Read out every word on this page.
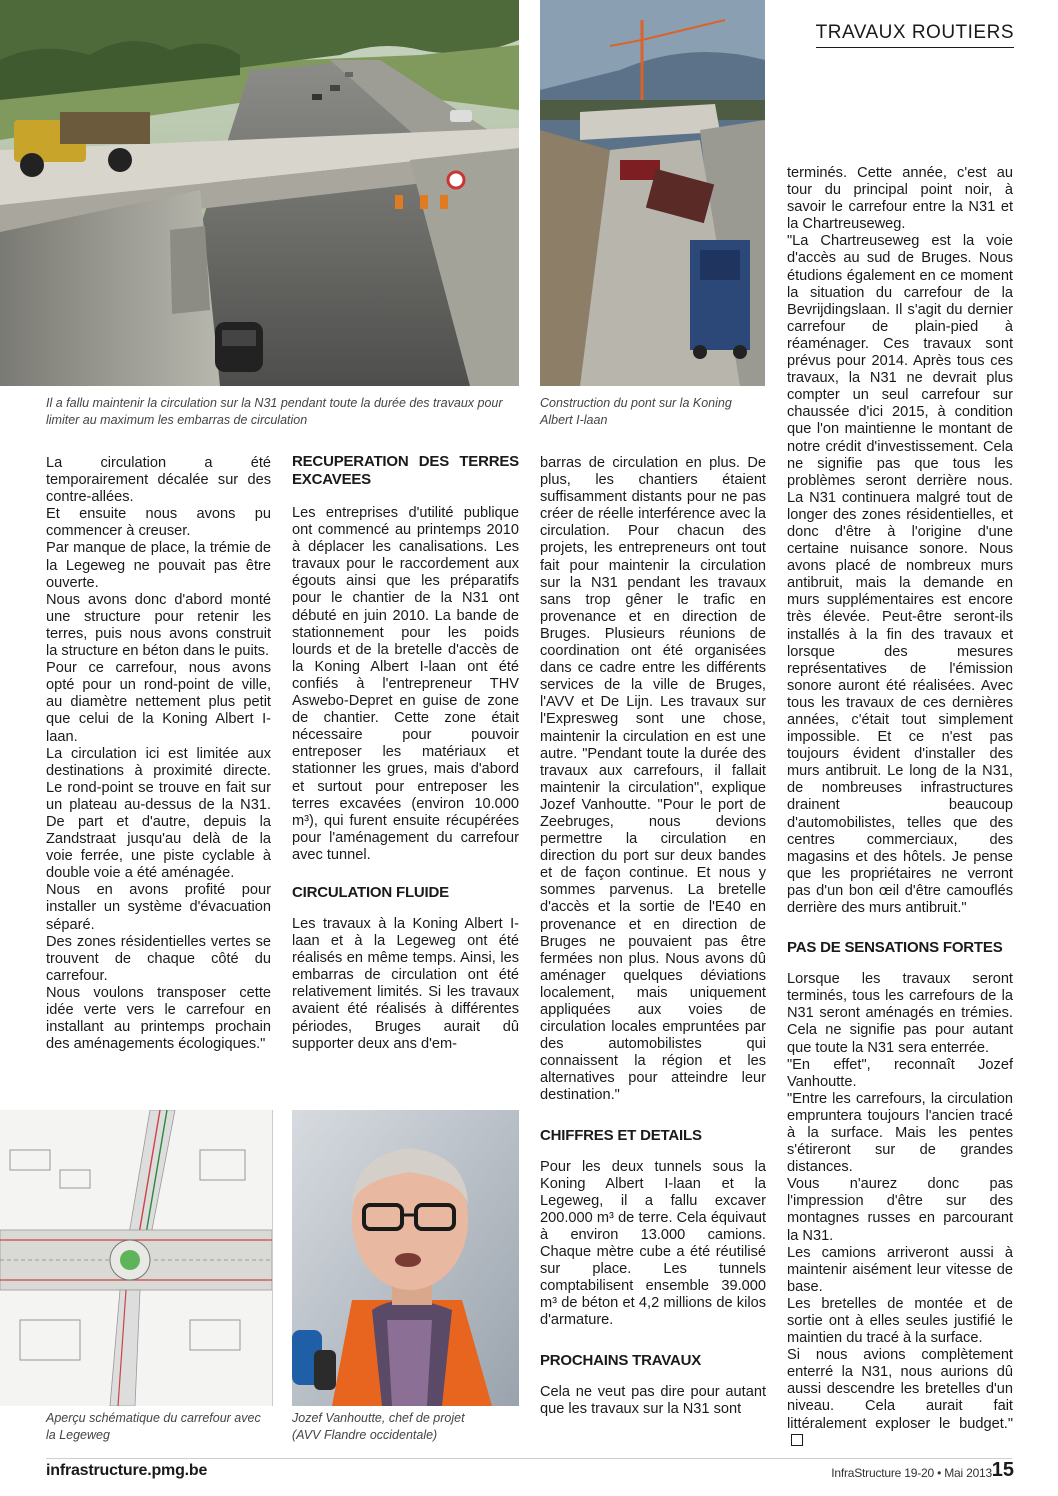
TRAVAUX ROUTIERS
Il a fallu maintenir la circulation sur la N31 pendant toute la durée des travaux pour limiter au maximum les embarras de circulation
Construction du pont sur la Koning Albert I-laan

La circulation a été temporairement décalée sur des contre-allées.

Et ensuite nous avons pu commencer à creuser.

Par manque de place, la trémie de la Legeweg ne pouvait pas être ouverte.

Nous avons donc d'abord monté une structure pour retenir les terres, puis nous avons construit la structure en béton dans le puits.

Pour ce carrefour, nous avons opté pour un rond-point de ville, au diamètre nettement plus petit que celui de la Koning Albert I-laan.

La circulation ici est limitée aux destinations à proximité directe. Le rond-point se trouve en fait sur un plateau au-dessus de la N31. De part et d'autre, depuis la Zandstraat jusqu'au delà de la voie ferrée, une piste cyclable à double voie a été aménagée.

Nous en avons profité pour installer un système d'évacuation séparé.

Des zones résidentielles vertes se trouvent de chaque côté du carrefour.

Nous voulons transposer cette idée verte vers le carrefour en installant au printemps prochain des aménagements écologiques."

RECUPERATION DES TERRES EXCAVEES

Les entreprises d'utilité publique ont commencé au printemps 2010 à déplacer les canalisations. Les travaux pour le raccordement aux égouts ainsi que les préparatifs pour le chantier de la N31 ont débuté en juin 2010. La bande de stationnement pour les poids lourds et de la bretelle d'accès de la Koning Albert I-laan ont été confiés à l'entrepreneur THV Aswebo-Depret en guise de zone de chantier. Cette zone était nécessaire pour pouvoir entreposer les matériaux et stationner les grues, mais d'abord et surtout pour entreposer les terres excavées (environ 10.000 m³), qui furent ensuite récupérées pour l'aménagement du carrefour avec tunnel.

CIRCULATION FLUIDE

Les travaux à la Koning Albert I-laan et à la Legeweg ont été réalisés en même temps. Ainsi, les embarras de circulation ont été relativement limités. Si les travaux avaient été réalisés à différentes périodes, Bruges aurait dû supporter deux ans d'em-

barras de circulation en plus. De plus, les chantiers étaient suffisamment distants pour ne pas créer de réelle interférence avec la circulation. Pour chacun des projets, les entrepreneurs ont tout fait pour maintenir la circulation sur la N31 pendant les travaux sans trop gêner le trafic en provenance et en direction de Bruges. Plusieurs réunions de coordination ont été organisées dans ce cadre entre les différents services de la ville de Bruges, l'AVV et De Lijn. Les travaux sur l'Expresweg sont une chose, maintenir la circulation en est une autre. "Pendant toute la durée des travaux aux carrefours, il fallait maintenir la circulation", explique Jozef Vanhoutte. "Pour le port de Zeebruges, nous devions permettre la circulation en direction du port sur deux bandes et de façon continue. Et nous y sommes parvenus. La bretelle d'accès et la sortie de l'E40 en provenance et en direction de Bruges ne pouvaient pas être fermées non plus. Nous avons dû aménager quelques déviations localement, mais uniquement appliquées aux voies de circulation locales empruntées par des automobilistes qui connaissent la région et les alternatives pour atteindre leur destination."

CHIFFRES ET DETAILS

Pour les deux tunnels sous la Koning Albert I-laan et la Legeweg, il a fallu excaver 200.000 m³ de terre. Cela équivaut à environ 13.000 camions. Chaque mètre cube a été réutilisé sur place. Les tunnels comptabilisent ensemble 39.000 m³ de béton et 4,2 millions de kilos d'armature.

PROCHAINS TRAVAUX

Cela ne veut pas dire pour autant que les travaux sur la N31 sont

terminés. Cette année, c'est au tour du principal point noir, à savoir le carrefour entre la N31 et la Chartreuseweg.

"La Chartreuseweg est la voie d'accès au sud de Bruges. Nous étudions également en ce moment la situation du carrefour de la Bevrijdingslaan. Il s'agit du dernier carrefour de plain-pied à réaménager. Ces travaux sont prévus pour 2014. Après tous ces travaux, la N31 ne devrait plus compter un seul carrefour sur chaussée d'ici 2015, à condition que l'on maintienne le montant de notre crédit d'investissement. Cela ne signifie pas que tous les problèmes seront derrière nous. La N31 continuera malgré tout de longer des zones résidentielles, et donc d'être à l'origine d'une certaine nuisance sonore. Nous avons placé de nombreux murs antibruit, mais la demande en murs supplémentaires est encore très élevée. Peut-être seront-ils installés à la fin des travaux et lorsque des mesures représentatives de l'émission sonore auront été réalisées. Avec tous les travaux de ces dernières années, c'était tout simplement impossible. Et ce n'est pas toujours évident d'installer des murs antibruit. Le long de la N31, de nombreuses infrastructures drainent beaucoup d'automobilistes, telles que des centres commerciaux, des magasins et des hôtels. Je pense que les propriétaires ne verront pas d'un bon œil d'être camouflés derrière des murs antibruit."

PAS DE SENSATIONS FORTES

Lorsque les travaux seront terminés, tous les carrefours de la N31 seront aménagés en trémies. Cela ne signifie pas pour autant que toute la N31 sera enterrée.

"En effet", reconnaît Jozef Vanhoutte.

"Entre les carrefours, la circulation empruntera toujours l'ancien tracé à la surface. Mais les pentes s'étireront sur de grandes distances.

Vous n'aurez donc pas l'impression d'être sur des montagnes russes en parcourant la N31.

Les camions arriveront aussi à maintenir aisément leur vitesse de base.

Les bretelles de montée et de sortie ont à elles seules justifié le maintien du tracé à la surface.

Si nous avions complètement enterré la N31, nous aurions dû aussi descendre les bretelles d'un niveau. Cela aurait fait littéralement exploser le budget."

Aperçu schématique du carrefour avec la Legeweg
Jozef Vanhoutte, chef de projet (AVV Flandre occidentale)
infrastructure.pmg.be	InfraStructure 19-20 • Mai 2013 15
